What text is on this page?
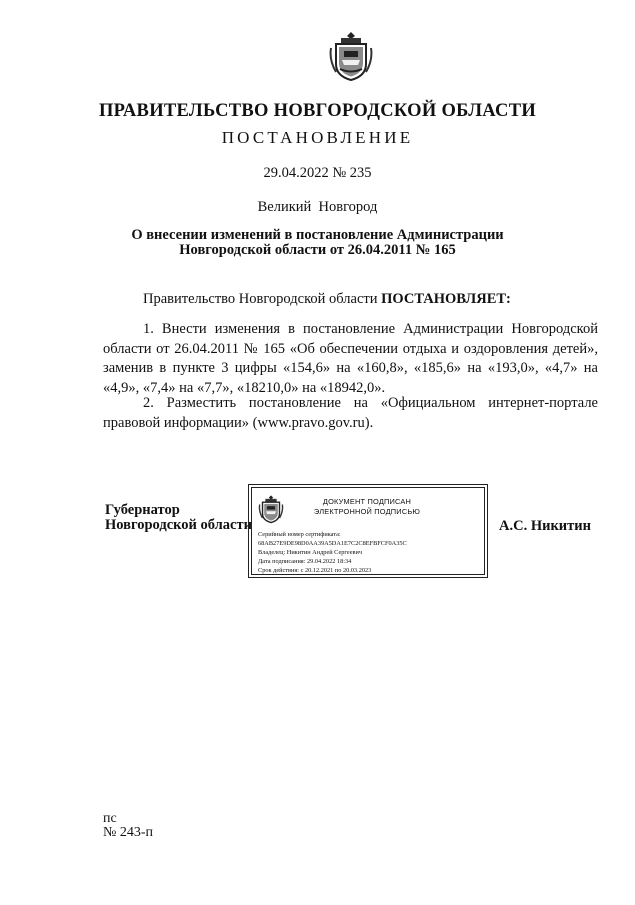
ПРАВИТЕЛЬСТВО НОВГОРОДСКОЙ ОБЛАСТИ
ПОСТАНОВЛЕНИЕ
29.04.2022 № 235
Великий  Новгород
О внесении изменений в постановление Администрации
Новгородской области от 26.04.2011 № 165
Правительство Новгородской области ПОСТАНОВЛЯЕТ:
1. Внести изменения в постановление Администрации Новгородской области от 26.04.2011 № 165 «Об обеспечении отдыха и оздоровления детей», заменив в пункте 3 цифры «154,6» на «160,8», «185,6» на «193,0», «4,7» на «4,9», «7,4» на «7,7», «18210,0» на «18942,0».
2. Разместить постановление на «Официальном интернет-портале правовой информации» (www.pravo.gov.ru).
Губернатор
Новгородской области
ДОКУМЕНТ ПОДПИСАН
ЭЛЕКТРОННОЙ ПОДПИСЬЮ
Серийный номер сертификата:
68AB27E9DE98D0AA39A5DA1E7C2C8EFBFCF0A35C
Владелец: Никитин Андрей Сергеевич
Дата подписания: 29.04.2022 18:34
Срок действия: с 20.12.2021 по 20.03.2023
А.С. Никитин
пс
№ 243-п
